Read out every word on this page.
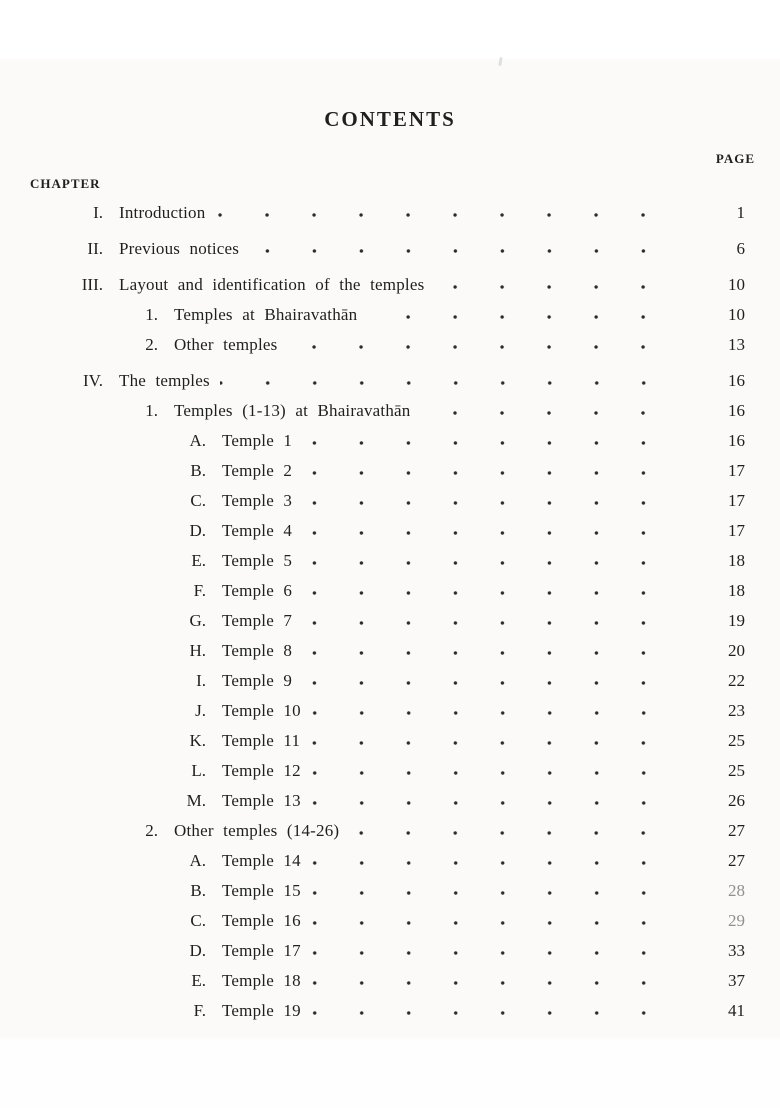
CONTENTS
PAGE
CHAPTER
I. Introduction	1
II. Previous notices	6
III. Layout and identification of the temples	10
1. Temples at Bhairavathān	10
2. Other temples	13
IV. The temples	16
1. Temples (1-13) at Bhairavathān	16
A. Temple 1	16
B. Temple 2	17
C. Temple 3	17
D. Temple 4	17
E. Temple 5	18
F. Temple 6	18
G. Temple 7	19
H. Temple 8	20
I. Temple 9	22
J. Temple 10	23
K. Temple 11	25
L. Temple 12	25
M. Temple 13	26
2. Other temples (14-26)	27
A. Temple 14	27
B. Temple 15	28
C. Temple 16	29
D. Temple 17	33
E. Temple 18	37
F. Temple 19	41
